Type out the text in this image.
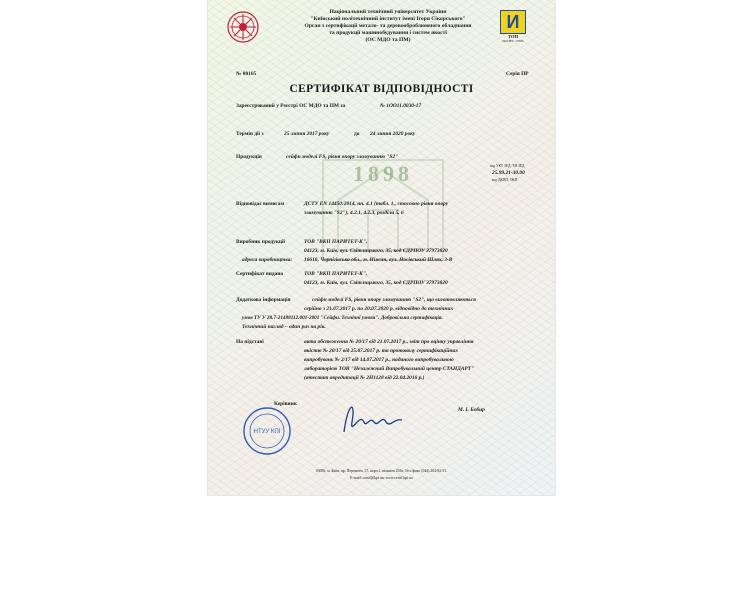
Національний технічний університет України
"Київський політехнічний інститут імені Ігоря Сікорського"
Орган з сертифікації метало- та деревооброблюючого обладнання
та продукції машинобудування і систем якості
(ОС МДО та ПМ)
И
ТОП
ISO/IEC 17065
№ 00165	Серія ПР
СЕРТИФІКАТ ВІДПОВІДНОСТІ
Зареєстрований у Реєстрі ОС МДО та ПМ за	№ 1OO11.0030-17
Термін дії з	25 липня 2017 року	до 24 липня 2020 року
1898
Продукція	сейфи моделі FS, рівня опору зламуванню "S2"
код УКТ ЗЕД, ТН ЗЕД
25.99.21-30.00
код ДКПП, ОКП
Відповідає вимогам	ДСТУ EN 14450:2014, пп. 4.1 (табл. 1., стосовно рівня опору
зламуванню "S2"), 4.2.1, 4.2.3, розділи 5, 6
Виробник продукції	ТОВ "ВКП ПАРИТЕТ-К",
04123, м. Київ, вул. Світлицького, 35, код ЄДРПОУ 37973820
адреса виробництва: 16610, Чернігівська обл., м. Ніжин, вул. Носівський Шлях, 3-В
Сертифікат видано	ТОВ "ВКП ПАРИТЕТ-К",
04123, м. Київ, вул. Світлицького, 35, код ЄДРПОУ 37973820
Додаткова інформація	сейфи моделі FS, рівня опору зламуванню "S2", що виготовляються
серійно з 21.07.2017 р. по 20.07.2020 р. відповідно до технічних
умов ТУ У 28.7-21488112.001-2001 "Сейфи. Технічні умови". Добровільна сертифікація.
Технічний нагляд – один раз на рік.
На підставі	акта обстеження № 20/17 від 21.07.2017 р., звіт про оцінку управління
якістю № 20/17 від 25.07.2017 р. та протоколу сертифікаційних
випробувань № 2/17 від 14.07.2017 р., наданого випробувальною
лабораторією ТОВ "Незалежний Випробувальний центр СТАНДАРТ"
(атестат акредитації № 2Н1128 від 22.04.2016 р.)
Керівник
НТУУ КПІ
М. І. Бобир
03056, м. Київ, пр. Перемоги, 37, корп.1, кімната 258а. Тел./факс (044) 204-82-51.
E-mail: certif@kpi.ua, www.certif.kpi.ua
